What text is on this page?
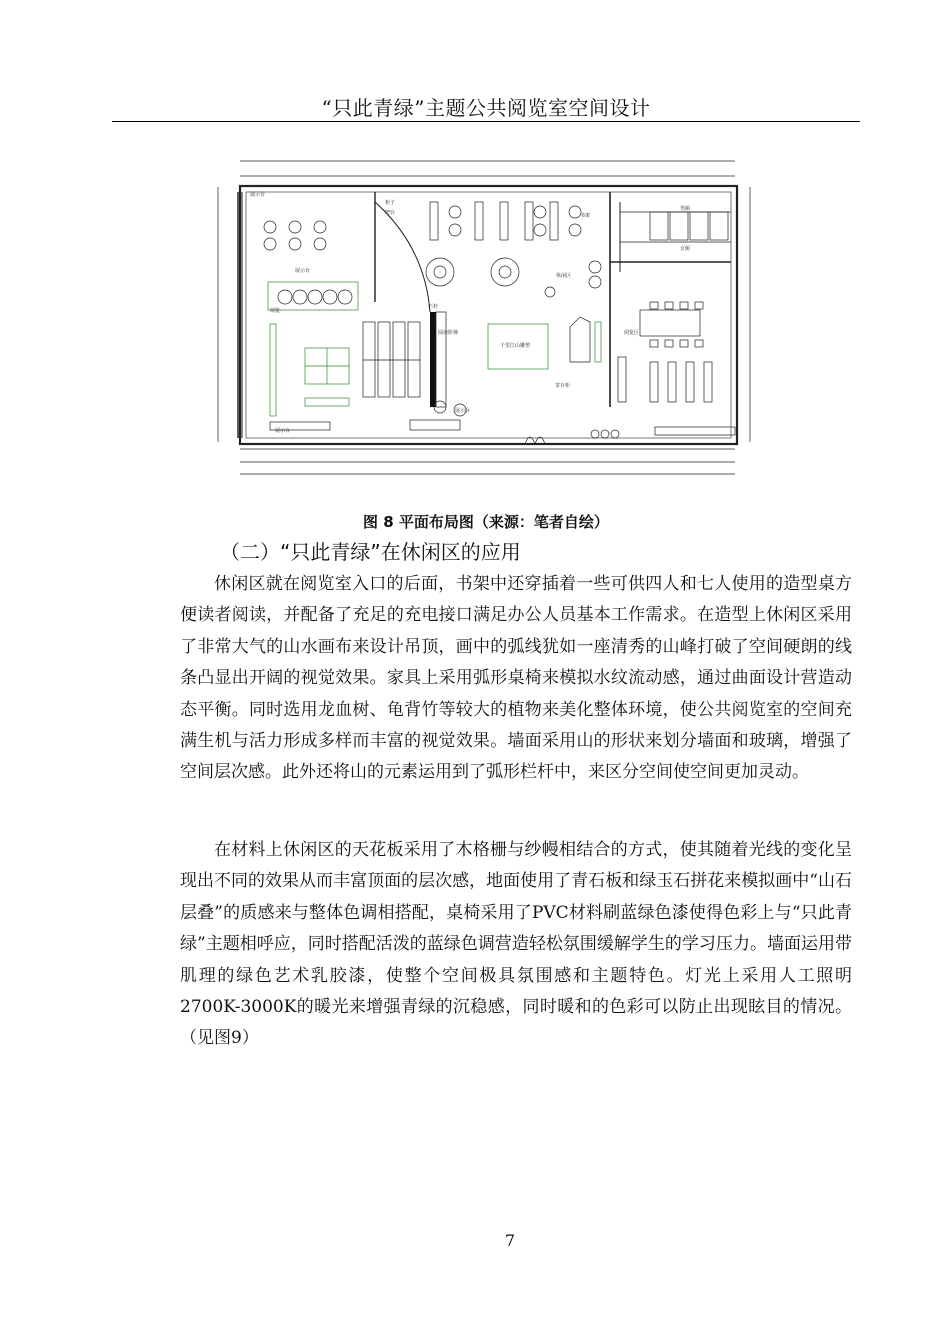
“只此青绿”主题公共阅览室空间设计
展示台
阅览
展示台
展示台
休闲区
阅览区
千里江山雕塑
栏杆
阅读阶梯
寄存柜
男厕
女厕
书架
柜子
吧台
展示台
图 8 平面布局图（来源：笔者自绘）
（二）“只此青绿”在休闲区的应用

休闲区就在阅览室入口的后面，书架中还穿插着一些可供四人和七人使用的造型桌方便读者阅读，并配备了充足的充电接口满足办公人员基本工作需求。在造型上休闲区采用了非常大气的山水画布来设计吊顶，画中的弧线犹如一座清秀的山峰打破了空间硬朗的线条凸显出开阔的视觉效果。家具上采用弧形桌椅来模拟水纹流动感，通过曲面设计营造动态平衡。同时选用龙血树、龟背竹等较大的植物来美化整体环境，使公共阅览室的空间充满生机与活力形成多样而丰富的视觉效果。墙面采用山的形状来划分墙面和玻璃，增强了空间层次感。此外还将山的元素运用到了弧形栏杆中，来区分空间使空间更加灵动。

在材料上休闲区的天花板采用了木格栅与纱幔相结合的方式，使其随着光线的变化呈现出不同的效果从而丰富顶面的层次感，地面使用了青石板和绿玉石拼花来模拟画中“山石层叠”的质感来与整体色调相搭配，桌椅采用了PVC材料刷蓝绿色漆使得色彩上与“只此青绿”主题相呼应，同时搭配活泼的蓝绿色调营造轻松氛围缓解学生的学习压力。墙面运用带肌理的绿色艺术乳胶漆，使整个空间极具氛围感和主题特色。灯光上采用人工照明2700K-3000K的暖光来增强青绿的沉稳感，同时暖和的色彩可以防止出现眩目的情况。（见图9）

7
